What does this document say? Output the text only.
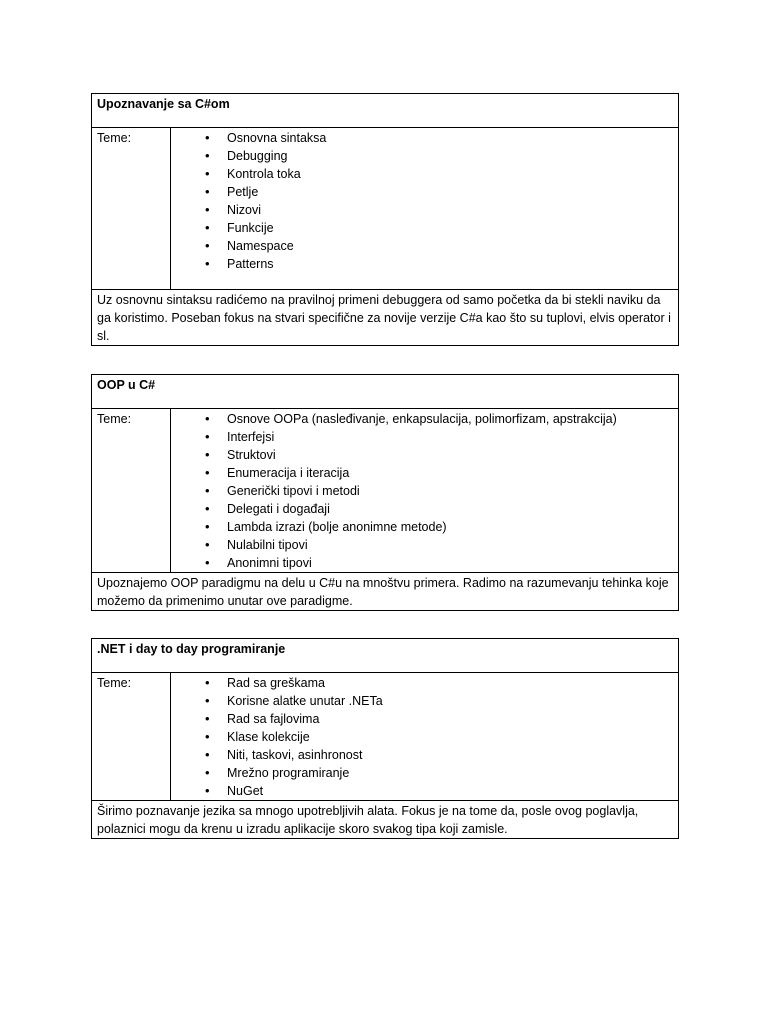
Upoznavanje sa C#om
Teme:	
•Osnovna sintaksa
• Debugging
• Kontrola toka
• Petlje
• Nizovi
• Funkcije
• Namespace
• Patterns

Uz osnovnu sintaksu radićemo na pravilnoj primeni debuggera od samo početka da bi stekli naviku da ga koristimo. Poseban fokus na stvari specifične za novije verzije C#a kao što su tuplovi, elvis operator i sl.
OOP u C#
Teme:	
•Osnove OOPa (nasleđivanje, enkapsulacija, polimorfizam, apstrakcija)
• Interfejsi
• Struktovi
• Enumeracija i iteracija
• Generički tipovi i metodi
• Delegati i događaji
• Lambda izrazi (bolje anonimne metode)
• Nulabilni tipovi
• Anonimni tipovi

Upoznajemo OOP paradigmu na delu u C#u na mnoštvu primera. Radimo na razumevanju tehinka koje možemo da primenimo unutar ove paradigme.
.NET i day to day programiranje
Teme:	
•Rad sa greškama
• Korisne alatke unutar .NETa
• Rad sa fajlovima
• Klase kolekcije
• Niti, taskovi, asinhronost
• Mrežno programiranje
• NuGet

Širimo poznavanje jezika sa mnogo upotrebljivih alata. Fokus je na tome da, posle ovog poglavlja, polaznici mogu da krenu u izradu aplikacije skoro svakog tipa koji zamisle.
